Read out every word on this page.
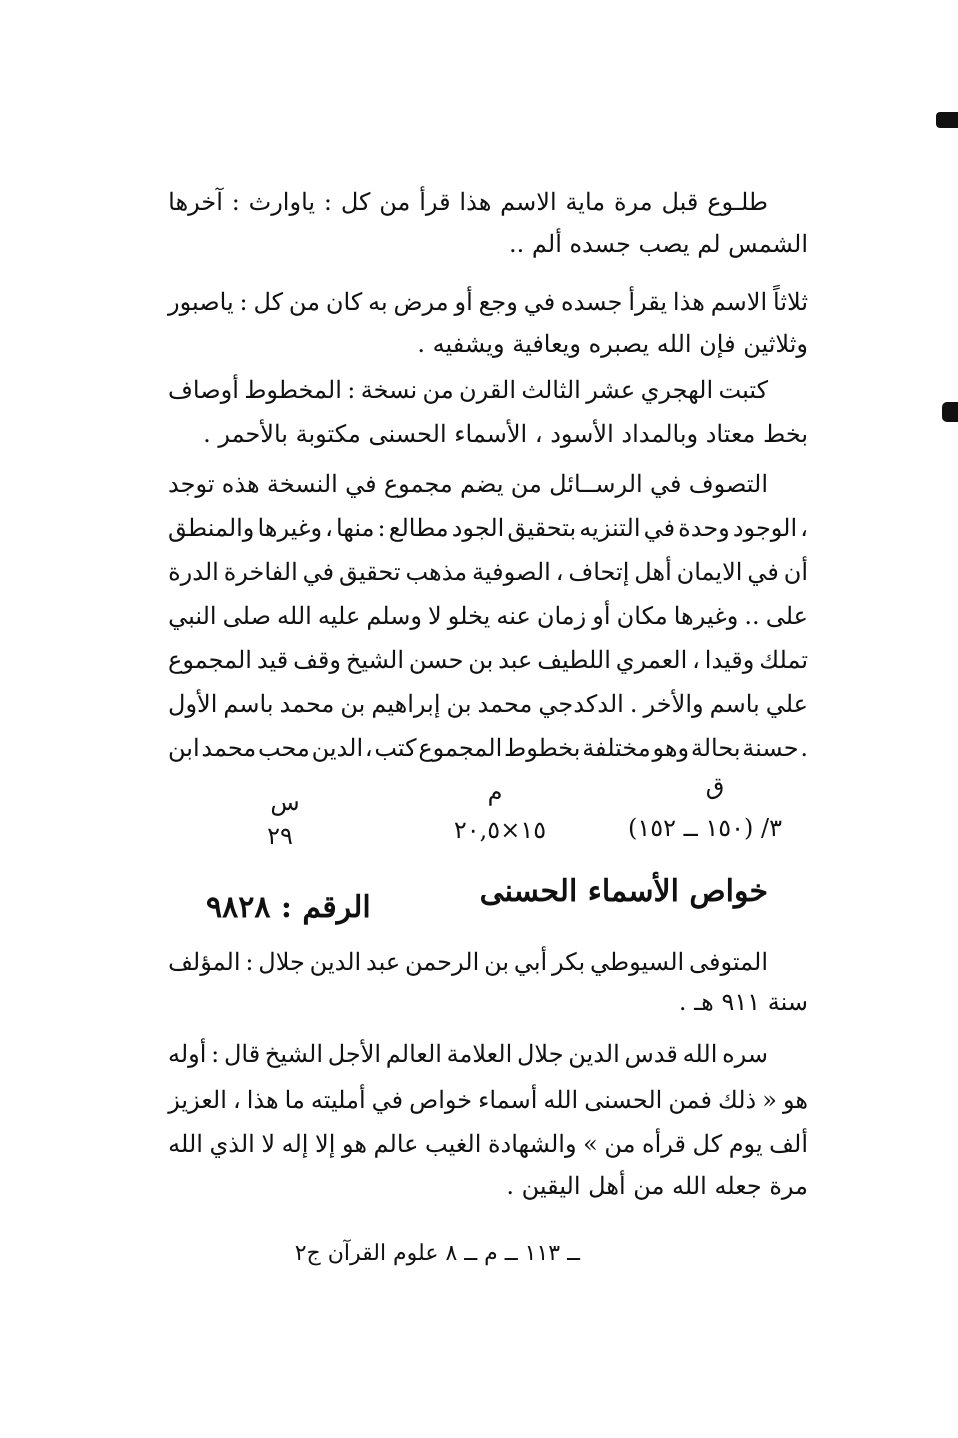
آخرها : ياوارث : كل من قرأ هذا الاسم ماية مرة قبل طلـوع
الشمس لم يصب جسده ألم ..
ياصبور : كل من كان به مرض أو وجع في جسده يقرأ هذا الاسم ثلاثاً
وثلاثين فإن الله يصبره ويعافية ويشفيه .
أوصاف المخطوط : نسخة من القرن الثالث عشر الهجري كتبت
بخط معتاد وبالمداد الأسود ، الأسماء الحسنى مكتوبة بالأحمر .
توجد هذه النسخة في مجموع يضم من الرســائل في التصوف
والمنطق وغيرها ، منها : مطالع الجود بتحقيق التنزيه في وحدة الوجود ،
الدرة الفاخرة في تحقيق مذهب الصوفية ، إتحاف أهل الايمان في أن
النبي صلى الله عليه وسلم لا يخلو عنه زمان أو مكان وغيرها .. على
المجموع قيد وقف الشيخ حسن بن عبد اللطيف العمري ، وقيدا تملك
الأول باسم محمد بن إبراهيم بن محمد الدكدجي . والأخر باسم علي
ابن محمد محب الدين ، كتب المجموع بخطوط مختلفة وهو بحالة حسنة .
ق
م
س
٣/ (١٥٠ ــ ١٥٢)
١٥×٢٠,٥
٢٩
خواص الأسماء الحسنى
الرقم : ٩٨٢٨
المؤلف : جلال الدين عبد الرحمن بن أبي بكر السيوطي المتوفى
سنة ٩١١ هـ .
أوله : قال الشيخ الأجل العالم العلامة جلال الدين قدس الله سره
العزيز ، هذا ما أمليته في خواص أسماء الله الحسنى فمن ذلك « هو
الله الذي لا إله إلا هو عالم الغيب والشهادة » من قرأه كل يوم ألف
مرة جعله الله من أهل اليقين .
ــ ١١٣ ــ م ــ ٨ علوم القرآن ج٢
